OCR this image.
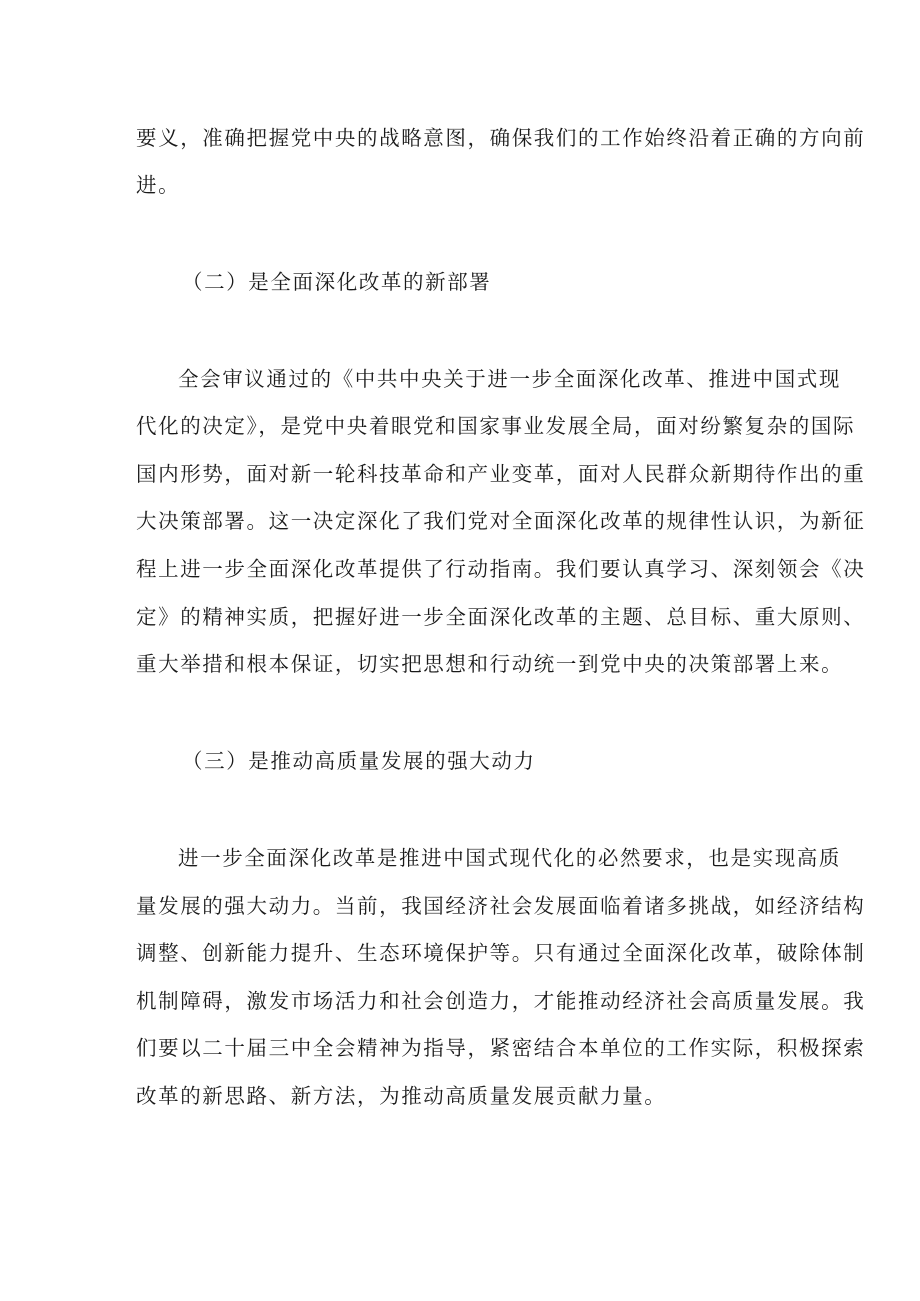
要义，准确把握党中央的战略意图，确保我们的工作始终沿着正确的方向前
进。
（二）是全面深化改革的新部署
全会审议通过的《中共中央关于进一步全面深化改革、推进中国式现
代化的决定》，是党中央着眼党和国家事业发展全局，面对纷繁复杂的国际
国内形势，面对新一轮科技革命和产业变革，面对人民群众新期待作出的重
大决策部署。这一决定深化了我们党对全面深化改革的规律性认识，为新征
程上进一步全面深化改革提供了行动指南。我们要认真学习、深刻领会《决
定》的精神实质，把握好进一步全面深化改革的主题、总目标、重大原则、
重大举措和根本保证，切实把思想和行动统一到党中央的决策部署上来。
（三）是推动高质量发展的强大动力
进一步全面深化改革是推进中国式现代化的必然要求，也是实现高质
量发展的强大动力。当前，我国经济社会发展面临着诸多挑战，如经济结构
调整、创新能力提升、生态环境保护等。只有通过全面深化改革，破除体制
机制障碍，激发市场活力和社会创造力，才能推动经济社会高质量发展。我
们要以二十届三中全会精神为指导，紧密结合本单位的工作实际，积极探索
改革的新思路、新方法，为推动高质量发展贡献力量。
